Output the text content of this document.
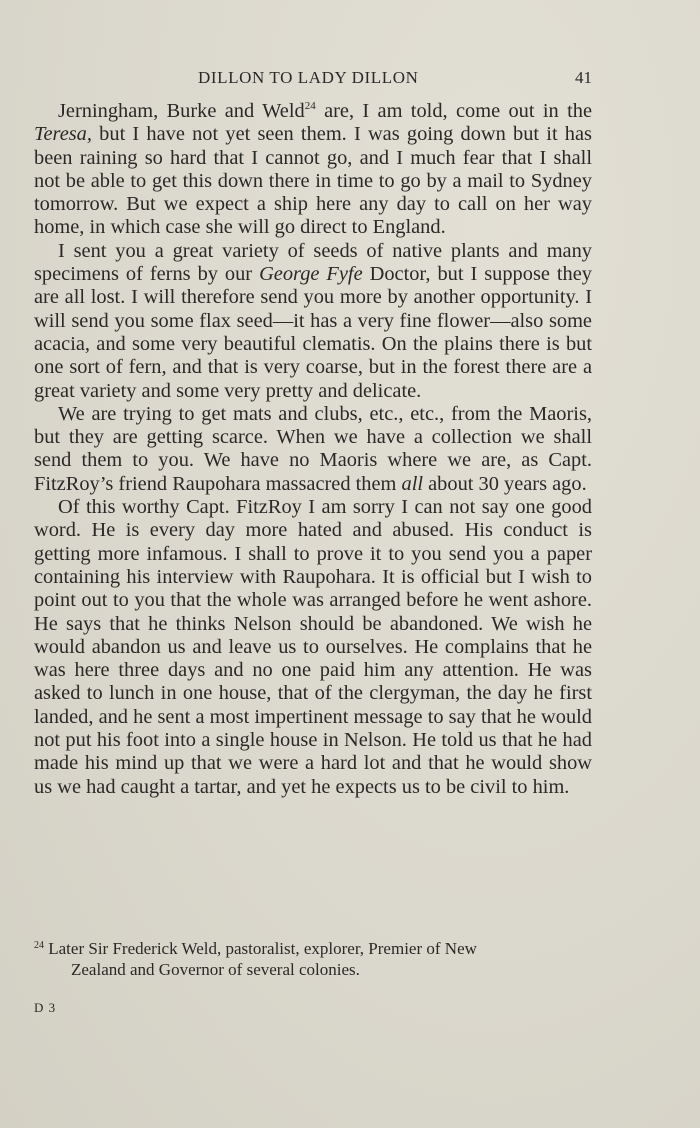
DILLON TO LADY DILLON	41

Jerningham, Burke and Weld$^{24}$ are, I am told, come out in the Teresa, but I have not yet seen them. I was going down but it has been raining so hard that I cannot go, and I much fear that I shall not be able to get this down there in time to go by a mail to Sydney tomorrow. But we expect a ship here any day to call on her way home, in which case she will go direct to England.

I sent you a great variety of seeds of native plants and many specimens of ferns by our George Fyfe Doctor, but I suppose they are all lost. I will therefore send you more by another opportunity. I will send you some flax seed—it has a very fine flower—also some acacia, and some very beautiful clematis. On the plains there is but one sort of fern, and that is very coarse, but in the forest there are a great variety and some very pretty and delicate.

We are trying to get mats and clubs, etc., etc., from the Maoris, but they are getting scarce. When we have a collection we shall send them to you. We have no Maoris where we are, as Capt. FitzRoy’s friend Raupohara massacred them all about 30 years ago.

Of this worthy Capt. FitzRoy I am sorry I can not say one good word. He is every day more hated and abused. His conduct is getting more infamous. I shall to prove it to you send you a paper containing his interview with Raupohara. It is official but I wish to point out to you that the whole was arranged before he went ashore. He says that he thinks Nelson should be abandoned. We wish he would abandon us and leave us to ourselves. He complains that he was here three days and no one paid him any attention. He was asked to lunch in one house, that of the clergyman, the day he first landed, and he sent a most impertinent message to say that he would not put his foot into a single house in Nelson. He told us that he had made his mind up that we were a hard lot and that he would show us we had caught a tartar, and yet he expects us to be civil to him.

$^{24}$ Later Sir Frederick Weld, pastoralist, explorer, Premier of New
Zealand and Governor of several colonies.
D 3
